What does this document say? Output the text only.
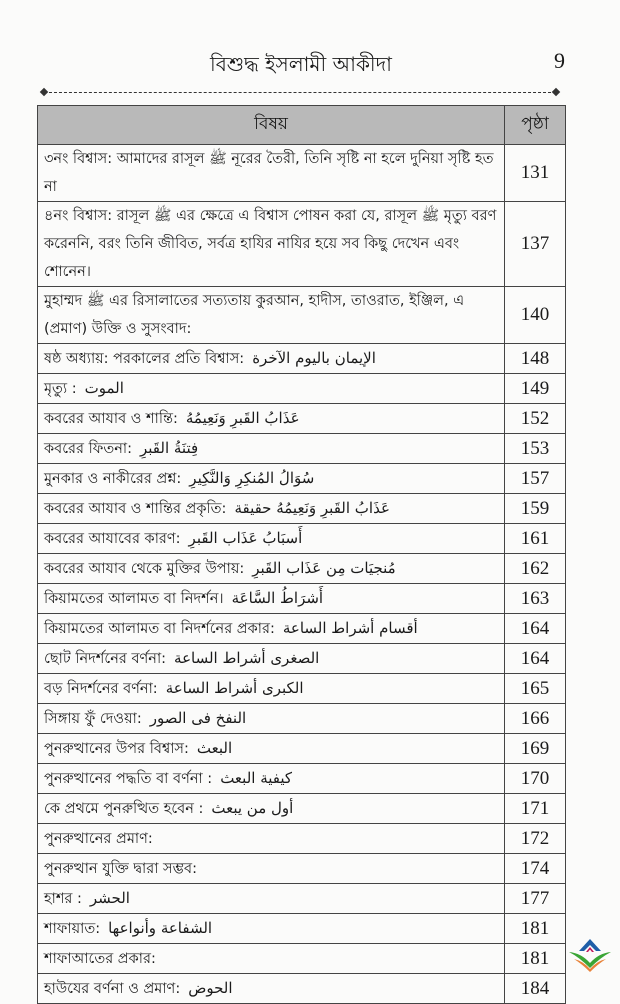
বিশুদ্ধ ইসলামী আকীদা	9
বিষয়	পৃষ্ঠা
৩নং বিশ্বাস: আমাদের রাসূল ﷺ নূরের তৈরী, তিনি সৃষ্টি না হলে দুনিয়া সৃষ্টি হত না	131
৪নং বিশ্বাস: রাসূল ﷺ এর ক্ষেত্রে এ বিশ্বাস পোষন করা যে, রাসূল ﷺ মৃত্যু বরণ করেননি, বরং তিনি জীবিত, সর্বত্র হাযির নাযির হয়ে সব কিছু দেখেন এবং শোনেন।	137
মুহাম্মদ ﷺ এর রিসালাতের সত্যতায় কুরআন, হাদীস, তাওরাত, ইঞ্জিল, এ (প্রমাণ) উক্তি ও সুসংবাদ:	140
ষষ্ঠ অধ্যায়: পরকালের প্রতি বিশ্বাস: الإيمان باليوم الآخرة	148
মৃত্যু : الموت	149
কবরের আযাব ও শান্তি: عَذَابُ القَبرِ وَنَعِيمُهُ	152
কবরের ফিতনা: فِتنَةُ القَبرِ	153
মুনকার ও নাকীরের প্রশ্ন: سُوَالُ المُنكِرِ وَالنَّكِيرِ	157
কবরের আযাব ও শান্তির প্রকৃতি: عَذَابُ القَبرِ وَنَعِيمُهُ حقيقة	159
কবরের আযাবের কারণ: أَسبَابُ عَذَاب القَبرِ	161
কবরের আযাব থেকে মুক্তির উপায়: مُنجيَات مِن عَذَاب القَبرِ	162
কিয়ামতের আলামত বা নিদর্শন। أَشرَاطُ السَّاعَة	163
কিয়ামতের আলামত বা নিদর্শনের প্রকার: أقسام أشراط الساعة	164
ছোট নিদর্শনের বর্ণনা: الصغرى أشراط الساعة	164
বড় নিদর্শনের বর্ণনা: الكبرى أشراط الساعة	165
সিঙ্গায় ফুঁ দেওয়া: النفخ فى الصور	166
পুনরুত্থানের উপর বিশ্বাস: البعث	169
পুনরুত্থানের পদ্ধতি বা বর্ণনা : كيفية البعث	170
কে প্রথমে পুনরুত্থিত হবেন : أول من يبعث	171
পুনরুত্থানের প্রমাণ:	172
পুনরুত্থান যুক্তি দ্বারা সম্ভব:	174
হাশর : الحشر	177
শাফায়াত: الشفاعة وأنواعها	181
শাফাআতের প্রকার:	181
হাউযের বর্ণনা ও প্রমাণ: الحوض	184
